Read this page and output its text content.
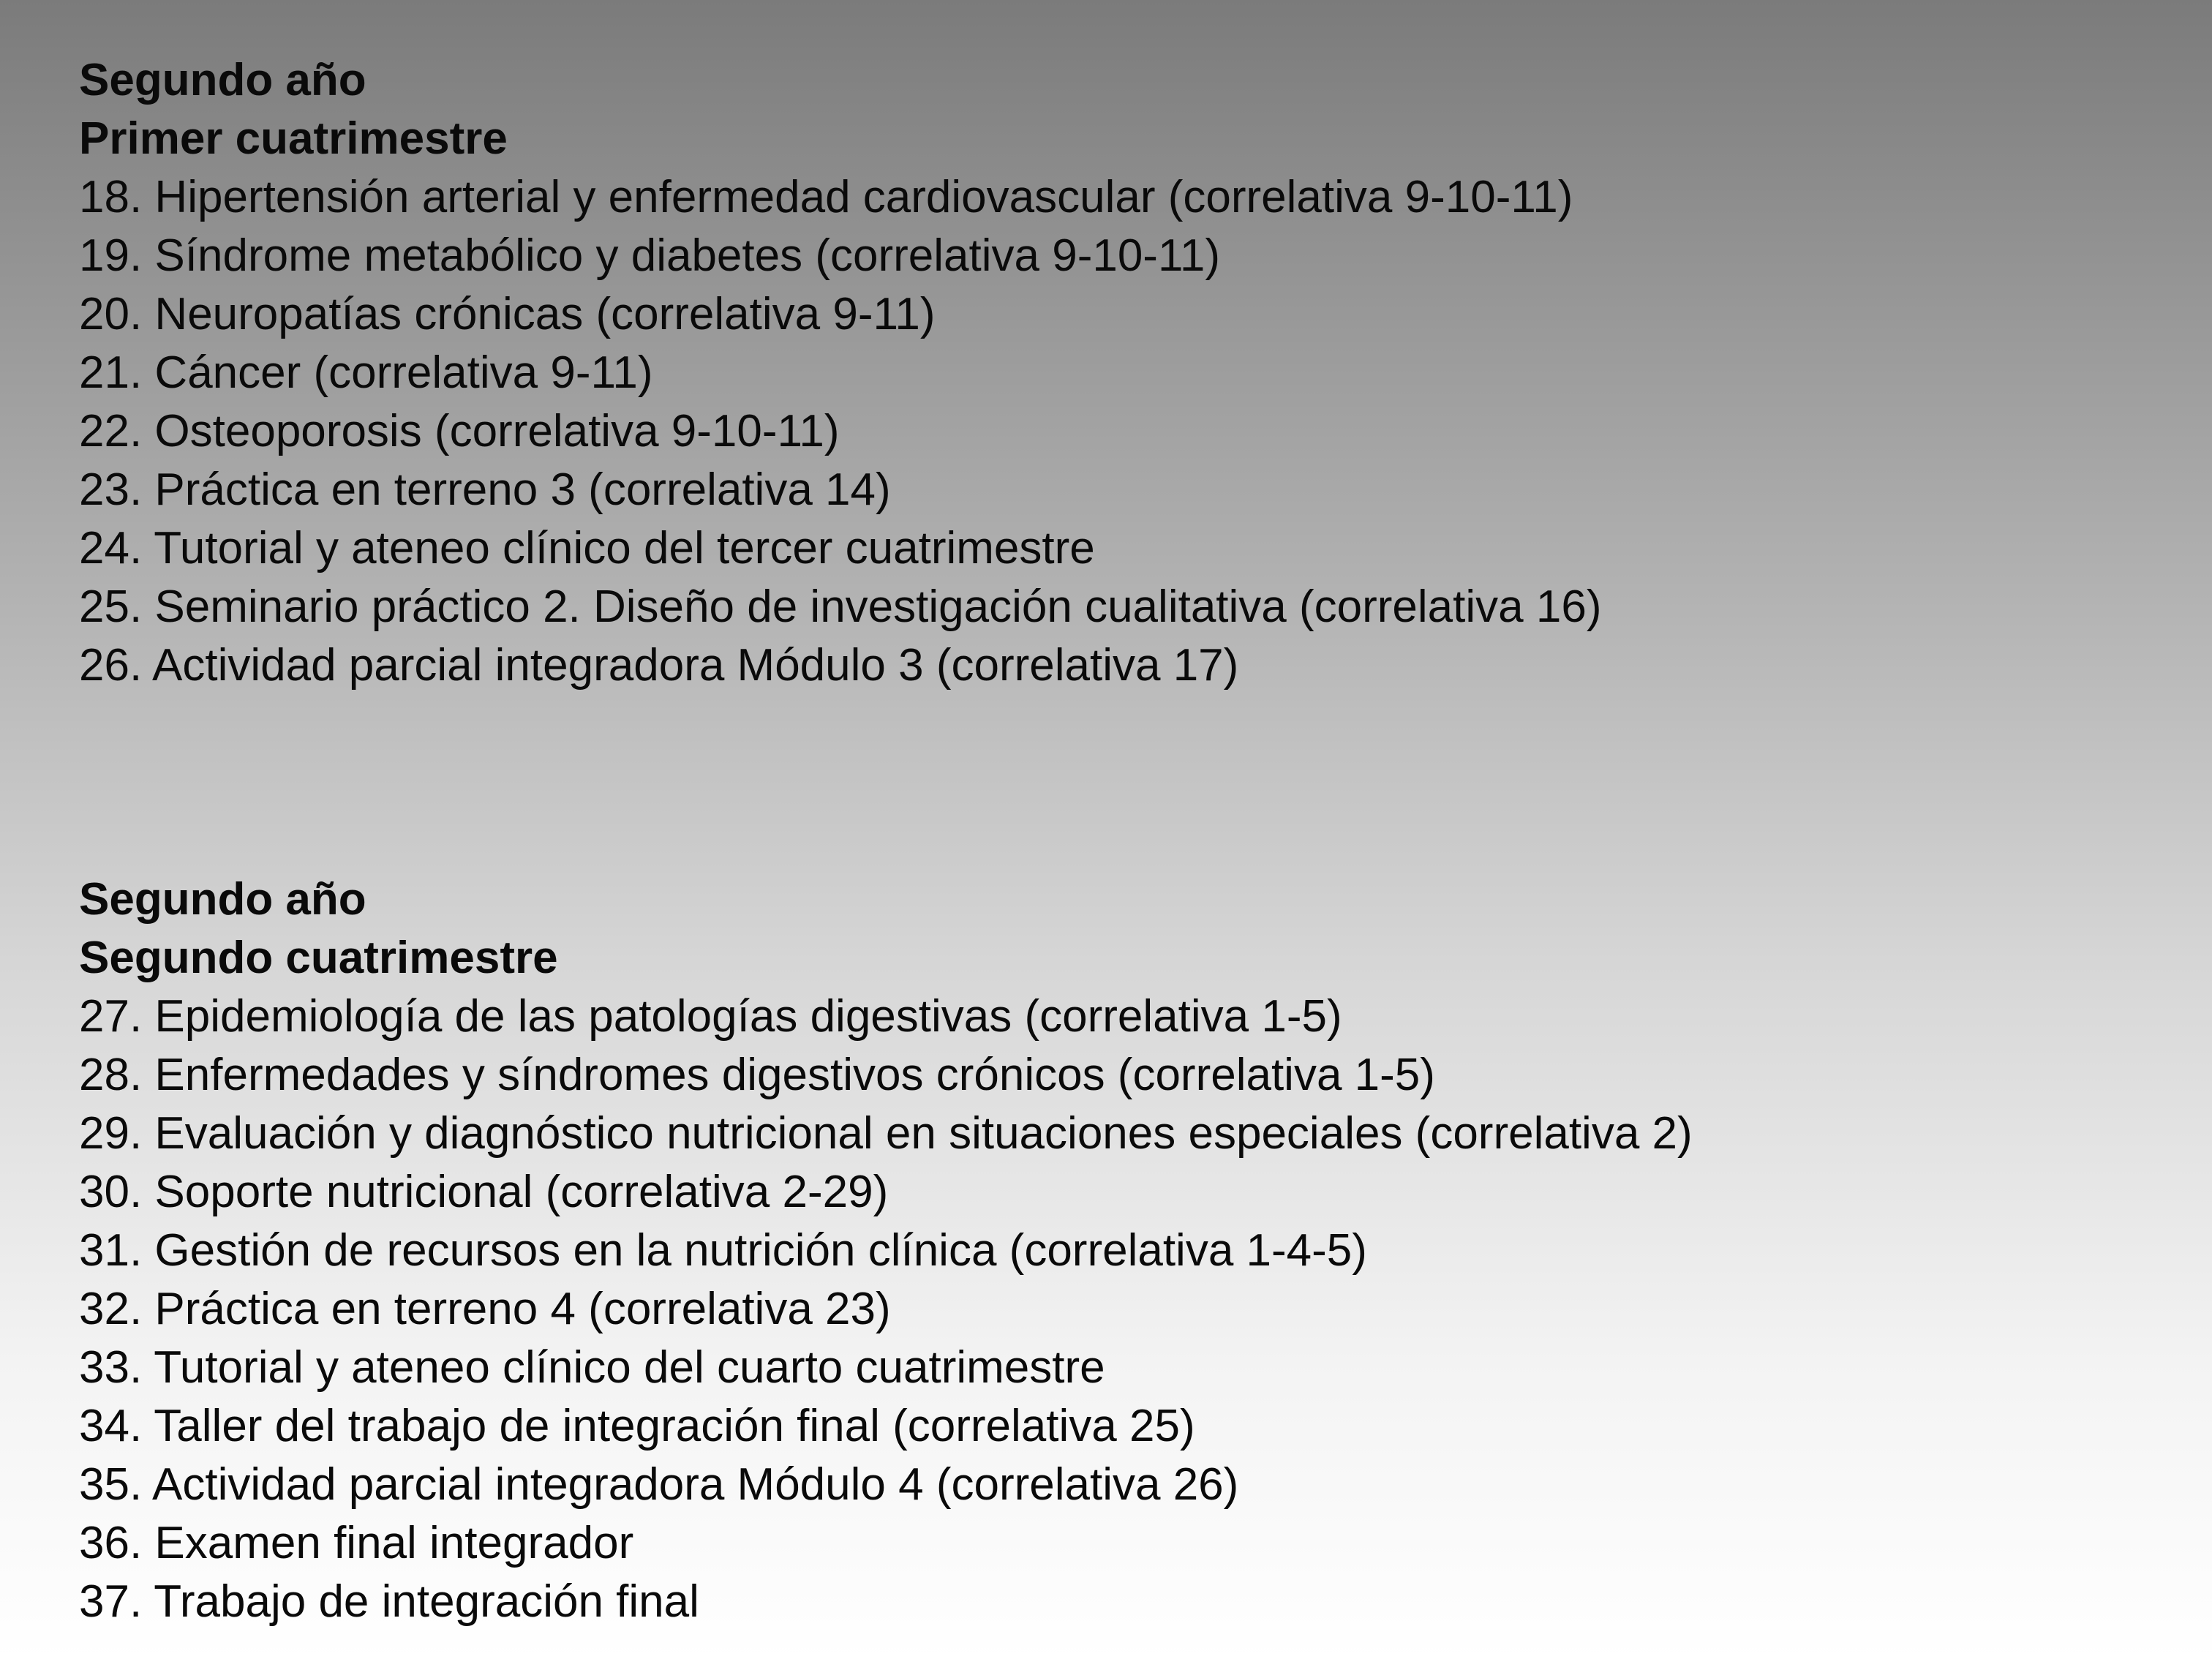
Segundo año
Primer cuatrimestre
18. Hipertensión arterial y enfermedad cardiovascular (correlativa 9-10-11)
19. Síndrome metabólico y diabetes (correlativa 9-10-11)
20. Neuropatías crónicas (correlativa 9-11)
21. Cáncer (correlativa 9-11)
22. Osteoporosis (correlativa 9-10-11)
23. Práctica en terreno 3 (correlativa 14)
24. Tutorial y ateneo clínico del tercer cuatrimestre
25. Seminario práctico 2. Diseño de investigación cualitativa (correlativa 16)
26. Actividad parcial integradora Módulo 3 (correlativa 17)
Segundo año
Segundo cuatrimestre
27. Epidemiología de las patologías digestivas (correlativa 1-5)
28. Enfermedades y síndromes digestivos crónicos (correlativa 1-5)
29. Evaluación y diagnóstico nutricional en situaciones especiales (correlativa 2)
30. Soporte nutricional (correlativa 2-29)
31. Gestión de recursos en la nutrición clínica (correlativa 1-4-5)
32. Práctica en terreno 4 (correlativa 23)
33. Tutorial y ateneo clínico del cuarto cuatrimestre
34. Taller del trabajo de integración final (correlativa 25)
35. Actividad parcial integradora Módulo 4 (correlativa 26)
36. Examen final integrador
37. Trabajo de integración final
